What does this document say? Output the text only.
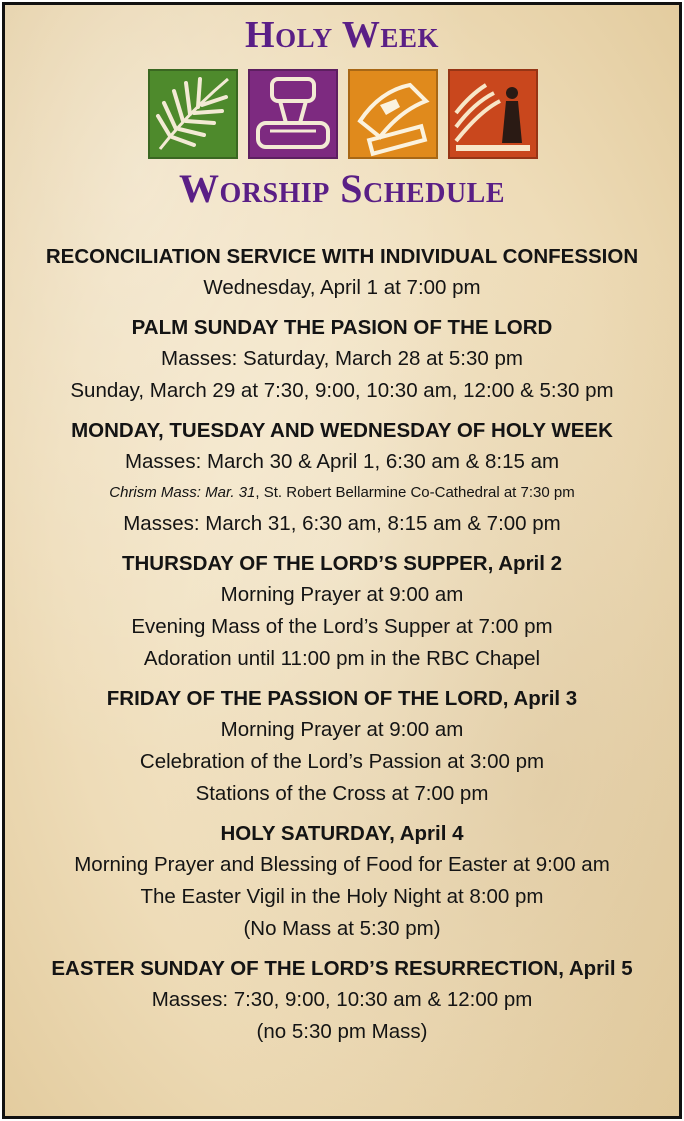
Holy Week
Worship Schedule
RECONCILIATION SERVICE WITH INDIVIDUAL CONFESSION
Wednesday, April 1 at 7:00 pm
PALM SUNDAY THE PASION OF THE LORD
Masses: Saturday, March 28 at 5:30 pm
Sunday, March 29 at 7:30, 9:00, 10:30 am, 12:00 & 5:30 pm
MONDAY, TUESDAY AND WEDNESDAY OF HOLY WEEK
Masses: March 30 & April 1, 6:30 am & 8:15 am
Chrism Mass: Mar. 31, St. Robert Bellarmine Co-Cathedral at 7:30 pm
Masses: March 31, 6:30 am, 8:15 am & 7:00 pm
THURSDAY OF THE LORD’S SUPPER, April 2
Morning Prayer at 9:00 am
Evening Mass of the Lord’s Supper at 7:00 pm
Adoration until 11:00 pm in the RBC Chapel
FRIDAY OF THE PASSION OF THE LORD, April 3
Morning Prayer at 9:00 am
Celebration of the Lord’s Passion at 3:00 pm
Stations of the Cross at 7:00 pm
HOLY SATURDAY, April 4
Morning Prayer and Blessing of Food for Easter at 9:00 am
The Easter Vigil in the Holy Night at 8:00 pm
(No Mass at 5:30 pm)
EASTER SUNDAY OF THE LORD’S RESURRECTION, April 5
Masses: 7:30, 9:00, 10:30 am & 12:00 pm
(no 5:30 pm Mass)
